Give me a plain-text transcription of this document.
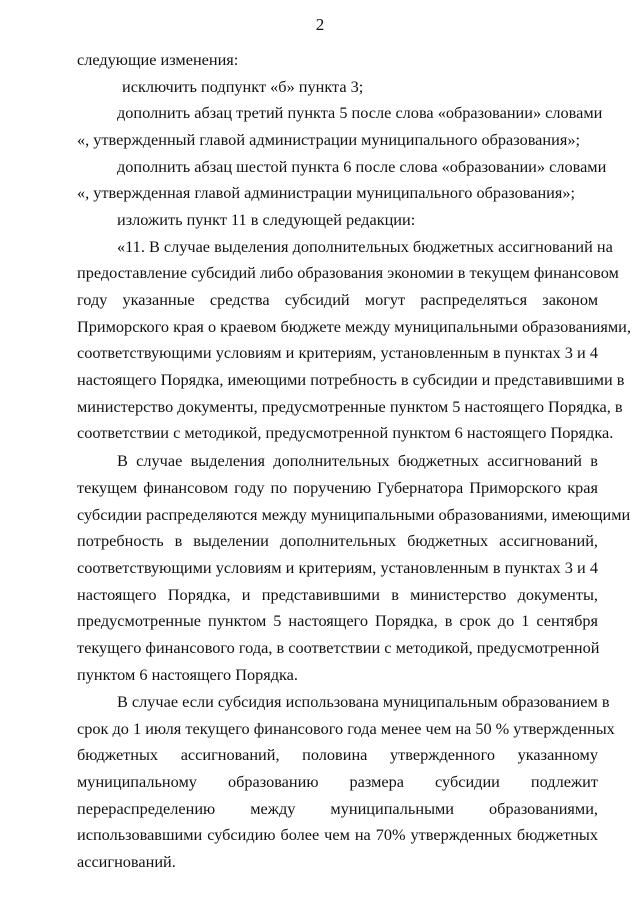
2
следующие изменения:
исключить подпункт «б» пункта 3;
дополнить абзац третий пункта 5 после слова «образовании» словами
«, утвержденный главой администрации муниципального образования»;
дополнить абзац шестой пункта 6 после слова «образовании» словами
«, утвержденная главой администрации муниципального образования»;
изложить пункт 11 в следующей редакции:
«11. В случае выделения дополнительных бюджетных ассигнований на
предоставление субсидий либо образования экономии в текущем финансовом
году указанные средства субсидий могут распределяться законом
Приморского края о краевом бюджете между муниципальными образованиями,
соответствующими условиям и критериям, установленным в пунктах 3 и 4
настоящего Порядка, имеющими потребность в субсидии и представившими в
министерство документы, предусмотренные пунктом 5 настоящего Порядка, в
соответствии с методикой, предусмотренной пунктом 6 настоящего Порядка.
В случае выделения дополнительных бюджетных ассигнований в
текущем финансовом году по поручению Губернатора Приморского края
субсидии распределяются между муниципальными образованиями, имеющими
потребность в выделении дополнительных бюджетных ассигнований,
соответствующими условиям и критериям, установленным в пунктах 3 и 4
настоящего Порядка, и представившими в министерство документы,
предусмотренные пунктом 5 настоящего Порядка, в срок до 1 сентября
текущего финансового года, в соответствии с методикой, предусмотренной
пунктом 6 настоящего Порядка.
В случае если субсидия использована муниципальным образованием в
срок до 1 июля текущего финансового года менее чем на 50 % утвержденных
бюджетных ассигнований, половина утвержденного указанному
муниципальному образованию размера субсидии подлежит
перераспределению между муниципальными образованиями,
использовавшими субсидию более чем на 70% утвержденных бюджетных
ассигнований.
